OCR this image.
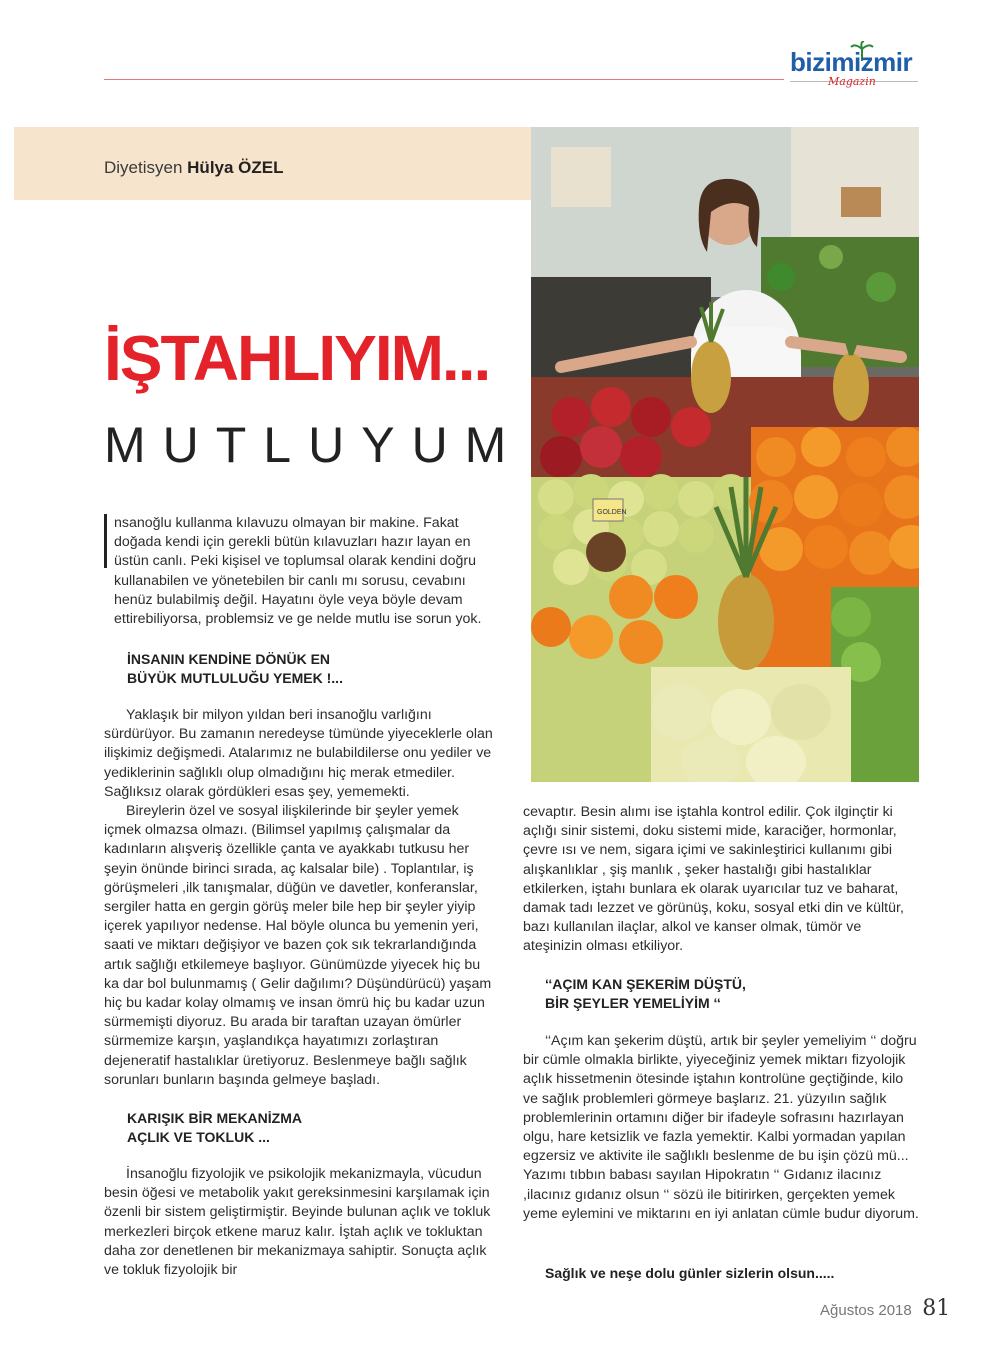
bizimizmir
Magazin
Diyetisyen Hülya ÖZEL
GOLDEN
İŞTAHLIYIM...
MUTLUYUM

nsanoğlu kullanma kılavuzu olmayan bir makine. Fakat doğada kendi için gerekli bütün kılavuzları hazır layan en üstün canlı. Peki kişisel ve toplumsal olarak kendini doğru kullanabilen ve yönetebilen bir canlı mı sorusu, cevabını henüz bulabilmiş değil. Hayatını öyle veya böyle devam ettirebiliyorsa, problemsiz ve ge nelde mutlu ise sorun yok.

İNSANIN KENDİNE DÖNÜK EN
BÜYÜK MUTLULUĞU YEMEK !...

Yaklaşık bir milyon yıldan beri insanoğlu varlığını sürdürüyor. Bu zamanın neredeyse tümünde yiyeceklerle olan ilişkimiz değişmedi. Atalarımız ne bulabildilerse onu yediler ve yediklerinin sağlıklı olup olmadığını hiç merak etmediler. Sağlıksız olarak gördükleri esas şey, yememekti.

Bireylerin özel ve sosyal ilişkilerinde bir şeyler yemek içmek olmazsa olmazı. (Bilimsel yapılmış çalışmalar da kadınların alışveriş özellikle çanta ve ayakkabı tutkusu her şeyin önünde birinci sırada, aç kalsalar bile) . Toplantılar, iş görüşmeleri ,ilk tanışmalar, düğün ve davetler, konferanslar, sergiler hatta en gergin görüş meler bile hep bir şeyler yiyip içerek yapılıyor nedense. Hal böyle olunca bu yemenin yeri, saati ve miktarı değişiyor ve bazen çok sık tekrarlandığında artık sağlığı etkilemeye başlıyor. Günümüzde yiyecek hiç bu ka dar bol bulunmamış ( Gelir dağılımı? Düşündürücü) yaşam hiç bu kadar kolay olmamış ve insan ömrü hiç bu kadar uzun sürmemişti diyoruz. Bu arada bir taraftan uzayan ömürler sürmemize karşın, yaşlandıkça hayatımızı zorlaştıran dejeneratif hastalıklar üretiyoruz. Beslenmeye bağlı sağlık sorunları bunların başında gelmeye başladı.

KARIŞIK BİR MEKANİZMA
AÇLIK VE TOKLUK ...

İnsanoğlu fizyolojik ve psikolojik mekanizmayla, vücudun besin öğesi ve metabolik yakıt gereksinmesini karşılamak için özenli bir sistem geliştirmiştir. Beyinde bulunan açlık ve tokluk merkezleri birçok etkene maruz kalır. İştah açlık ve tokluktan daha zor denetlenen bir mekanizmaya sahiptir. Sonuçta açlık ve tokluk fizyolojik bir

cevaptır. Besin alımı ise iştahla kontrol edilir. Çok ilginçtir ki açlığı sinir sistemi, doku sistemi mide, karaciğer, hormonlar, çevre ısı ve nem, sigara içimi ve sakinleştirici kullanımı gibi alışkanlıklar , şiş manlık , şeker hastalığı gibi hastalıklar etkilerken, iştahı bunlara ek olarak uyarıcılar tuz ve baharat, damak tadı lezzet ve görünüş, koku, sosyal etki din ve kültür, bazı kullanılan ilaçlar, alkol ve kanser olmak, tümör ve ateşinizin olması etkiliyor.

‘‘AÇIM KAN ŞEKERİM DÜŞTÜ,
BİR ŞEYLER YEMELİYİM ‘‘

‘‘Açım kan şekerim düştü, artık bir şeyler yemeliyim ‘‘ doğru bir cümle olmakla birlikte, yiyeceğiniz yemek miktarı fizyolojik açlık hissetmenin ötesinde iştahın kontrolüne geçtiğinde, kilo ve sağlık problemleri görmeye başlarız. 21. yüzyılın sağlık problemlerinin ortamını diğer bir ifadeyle sofrasını hazırlayan olgu, hare ketsizlik ve fazla yemektir. Kalbi yormadan yapılan egzersiz ve aktivite ile sağlıklı beslenme de bu işin çözü mü... Yazımı tıbbın babası sayılan Hipokratın ‘‘ Gıdanız ilacınız ,ilacınız gıdanız olsun ‘‘ sözü ile bitirirken, gerçekten yemek yeme eylemini ve miktarını en iyi anlatan cümle budur diyorum.

Sağlık ve neşe dolu günler sizlerin olsun.....
Ağustos 2018 81
